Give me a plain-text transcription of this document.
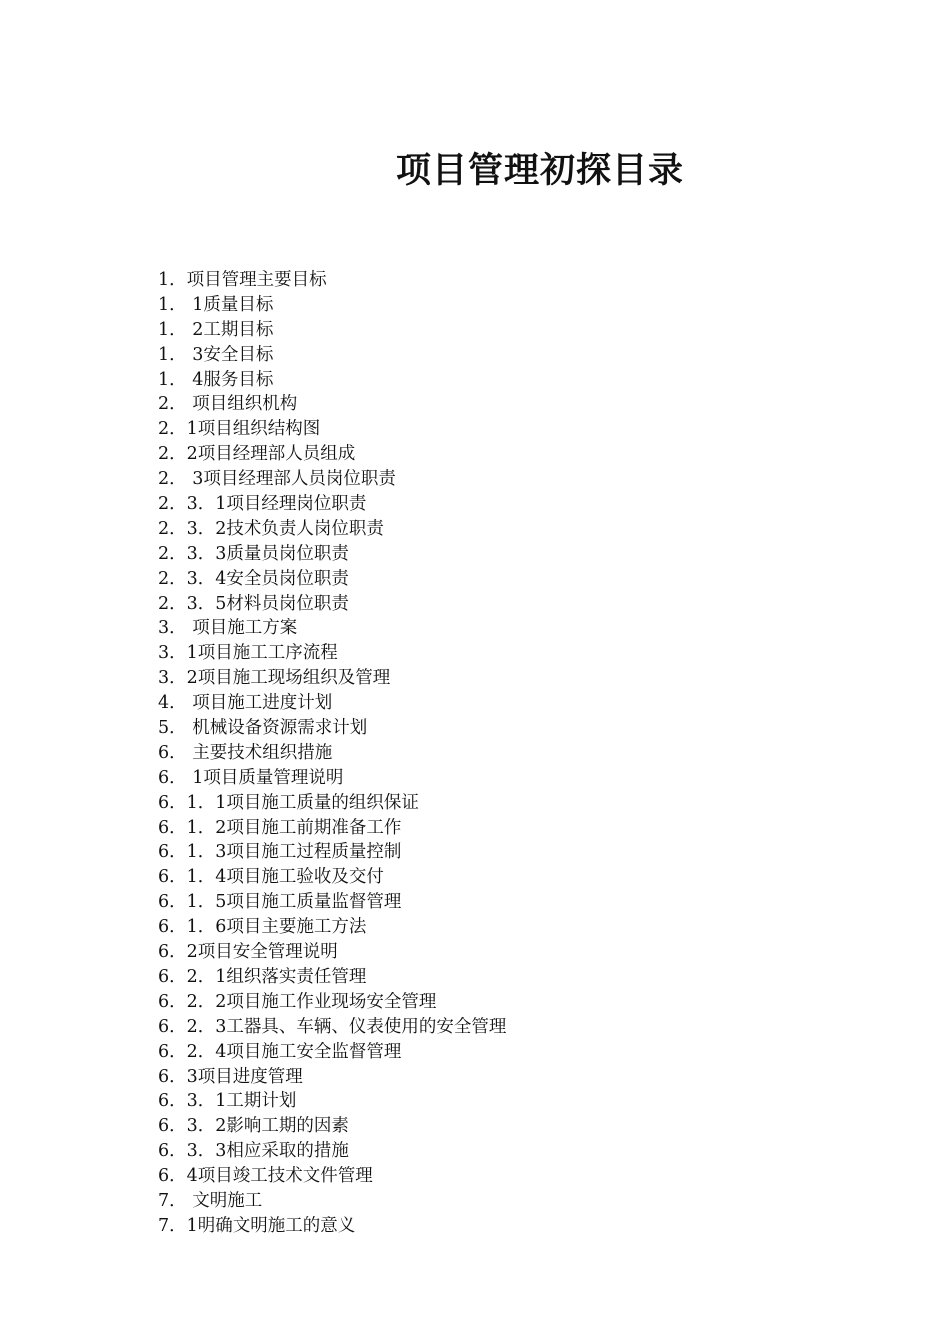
项目管理初探目录
1．项目管理主要目标
1． 1质量目标
1． 2工期目标
1． 3安全目标
1． 4服务目标
2． 项目组织机构
2．1项目组织结构图
2．2项目经理部人员组成
2． 3项目经理部人员岗位职责
2．3．1项目经理岗位职责
2．3．2技术负责人岗位职责
2．3．3质量员岗位职责
2．3．4安全员岗位职责
2．3．5材料员岗位职责
3． 项目施工方案
3．1项目施工工序流程
3．2项目施工现场组织及管理
4． 项目施工进度计划
5． 机械设备资源需求计划
6． 主要技术组织措施
6． 1项目质量管理说明
6．1．1项目施工质量的组织保证
6．1．2项目施工前期准备工作
6．1．3项目施工过程质量控制
6．1．4项目施工验收及交付
6．1．5项目施工质量监督管理
6．1．6项目主要施工方法
6．2项目安全管理说明
6．2．1组织落实责任管理
6．2．2项目施工作业现场安全管理
6．2．3工器具、车辆、仪表使用的安全管理
6．2．4项目施工安全监督管理
6．3项目进度管理
6．3．1工期计划
6．3．2影响工期的因素
6．3．3相应采取的措施
6．4项目竣工技术文件管理
7． 文明施工
7．1明确文明施工的意义
